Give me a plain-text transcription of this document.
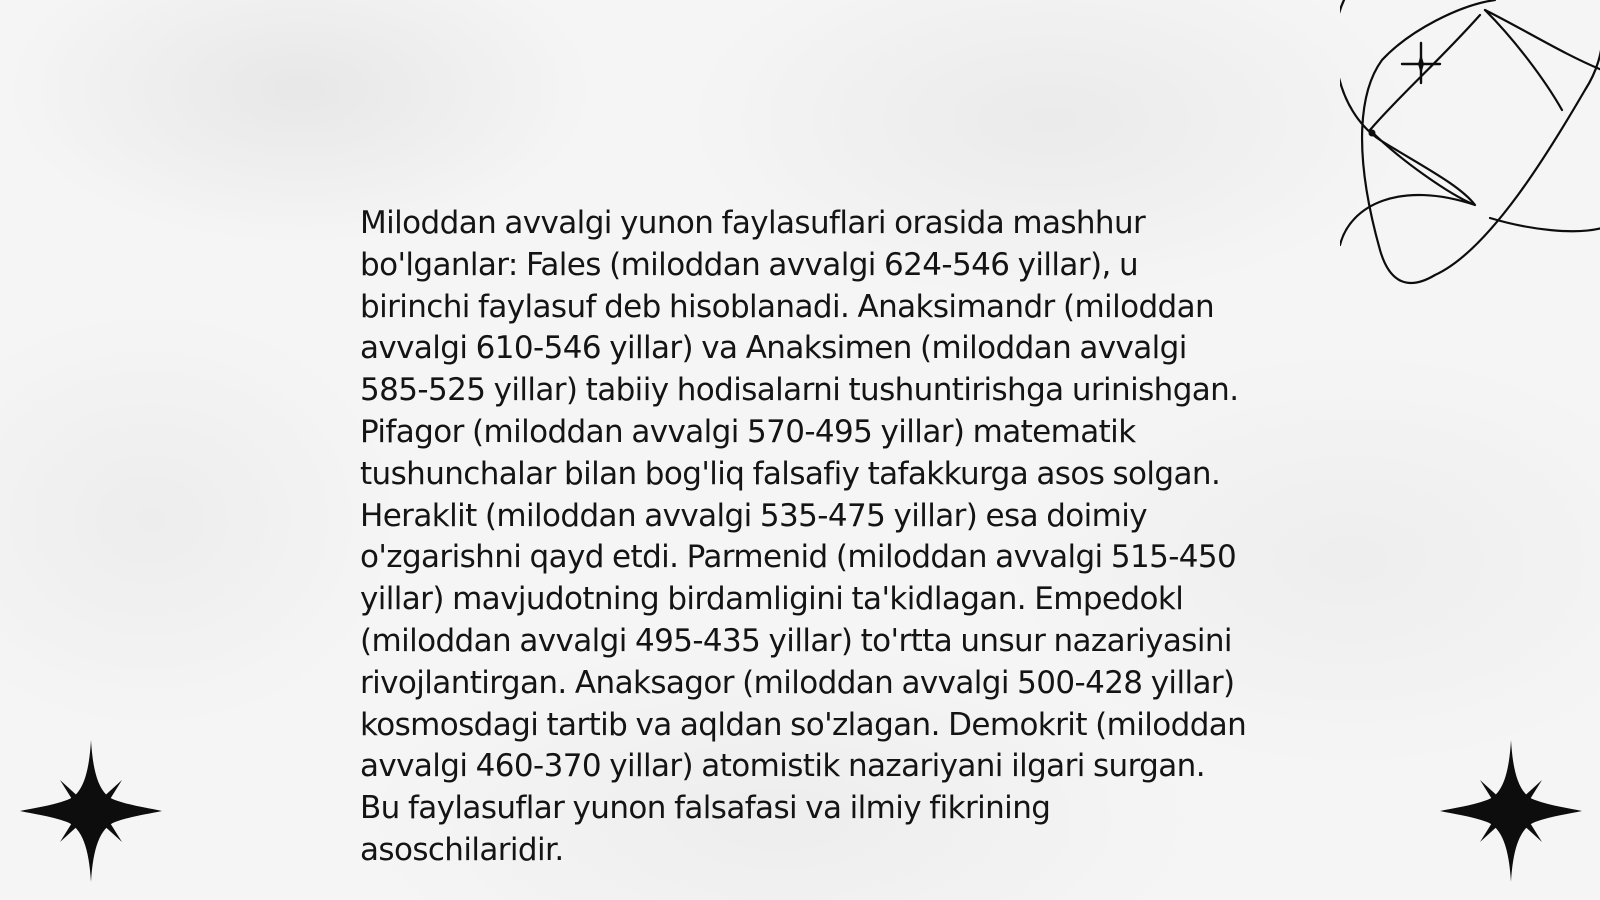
Miloddan avvalgi yunon faylasuflari orasida mashhur bo'lganlar: Fales (miloddan avvalgi 624-546 yillar), u birinchi faylasuf deb hisoblanadi. Anaksimandr (miloddan avvalgi 610-546 yillar) va Anaksimen (miloddan avvalgi 585-525 yillar) tabiiy hodisalarni tushuntirishga urinishgan. Pifagor (miloddan avvalgi 570-495 yillar) matematik tushunchalar bilan bog'liq falsafiy tafakkurga asos solgan. Heraklit (miloddan avvalgi 535-475 yillar) esa doimiy o'zgarishni qayd etdi. Parmenid (miloddan avvalgi 515-450 yillar) mavjudotning birdamligini ta'kidlagan. Empedokl (miloddan avvalgi 495-435 yillar) to'rtta unsur nazariyasini rivojlantirgan. Anaksagor (miloddan avvalgi 500-428 yillar) kosmosdagi tartib va aqldan so'zlagan. Demokrit (miloddan avvalgi 460-370 yillar) atomistik nazariyani ilgari surgan. Bu faylasuflar yunon falsafasi va ilmiy fikrining asoschilaridir.
